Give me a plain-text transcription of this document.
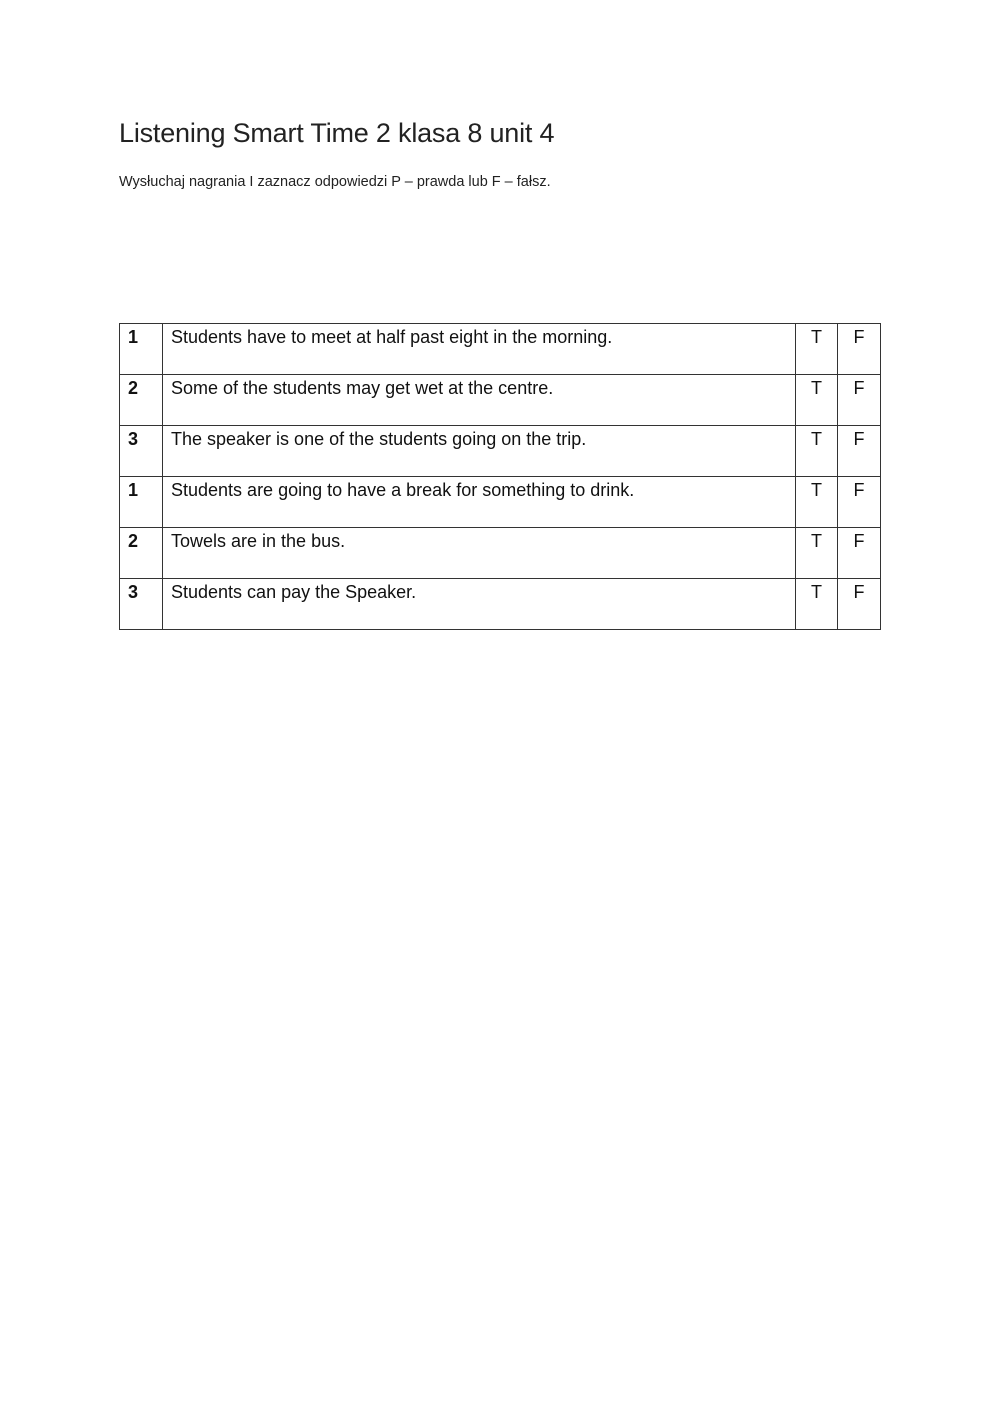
Listening Smart Time 2 klasa 8 unit 4
Wysłuchaj nagrania I zaznacz odpowiedzi P – prawda lub F – fałsz.
1	Students have to meet at half past eight in the morning.	T	F
2	Some of the students may get wet at the centre.	T	F
3	The speaker is one of the students going on the trip.	T	F
1	Students are going to have a break for something to drink.	T	F
2	Towels are in the bus.	T	F
3	Students can pay the Speaker.	T	F
